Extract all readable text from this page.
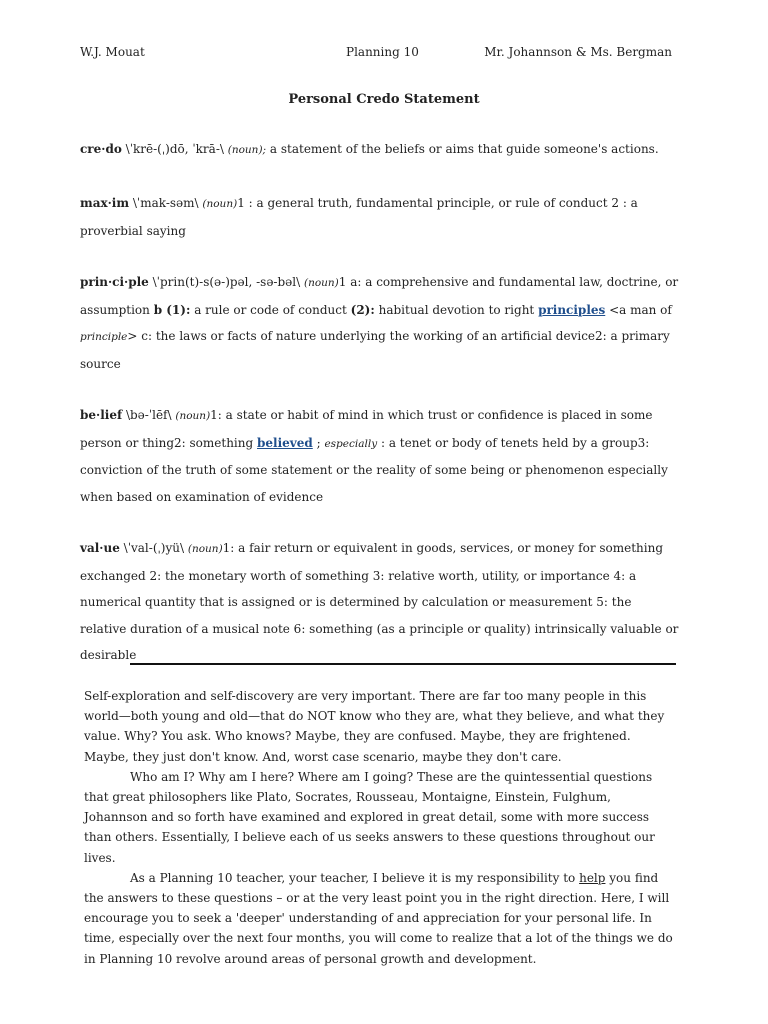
W.J. Mouat	Planning 10	Mr. Johannson & Ms. Bergman
Personal Credo Statement
cre·do \ˈkrē-(ˌ)dō, ˈkrā-\ (noun); a statement of the beliefs or aims that guide someone's actions.
max·im \ˈmak-səm\ (noun)1 : a general truth, fundamental principle, or rule of conduct 2 : a proverbial saying
prin·ci·ple \ˈprin(t)-s(ə-)pəl, -sə-bəl\ (noun)1 a: a comprehensive and fundamental law, doctrine, or assumption b (1): a rule or code of conduct (2): habitual devotion to right principles <a man of principle> c: the laws or facts of nature underlying the working of an artificial device2: a primary source
be·lief \bə-ˈlēf\ (noun)1: a state or habit of mind in which trust or confidence is placed in some person or thing2: something believed ; especially : a tenet or body of tenets held by a group3: conviction of the truth of some statement or the reality of some being or phenomenon especially when based on examination of evidence
val·ue \ˈval-(ˌ)yü\ (noun)1: a fair return or equivalent in goods, services, or money for something exchanged 2: the monetary worth of something 3: relative worth, utility, or importance 4: a numerical quantity that is assigned or is determined by calculation or measurement 5: the relative duration of a musical note 6: something (as a principle or quality) intrinsically valuable or desirable

Self-exploration and self-discovery are very important. There are far too many people in this world—both young and old—that do NOT know who they are, what they believe, and what they value. Why? You ask. Who knows? Maybe, they are confused. Maybe, they are frightened. Maybe, they just don't know. And, worst case scenario, maybe they don't care.

Who am I? Why am I here? Where am I going? These are the quintessential questions that great philosophers like Plato, Socrates, Rousseau, Montaigne, Einstein, Fulghum, Johannson and so forth have examined and explored in great detail, some with more success than others. Essentially, I believe each of us seeks answers to these questions throughout our lives.

As a Planning 10 teacher, your teacher, I believe it is my responsibility to help you find the answers to these questions – or at the very least point you in the right direction. Here, I will encourage you to seek a 'deeper' understanding of and appreciation for your personal life. In time, especially over the next four months, you will come to realize that a lot of the things we do in Planning 10 revolve around areas of personal growth and development.
